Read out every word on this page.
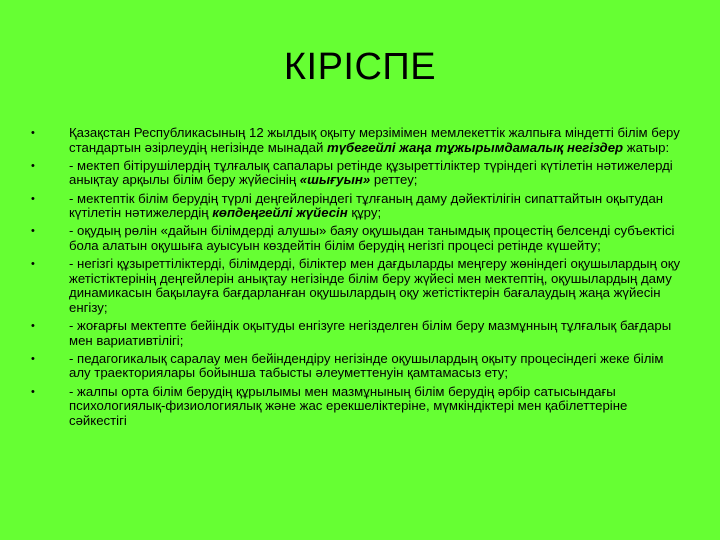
КІРІСПЕ
•	Қазақстан Республикасының 12 жылдық оқыту мерзімімен мемлекеттік жалпыға міндетті білім беру стандартын әзірлеудің негізінде мынадай түбегейлі жаңа тұжырымдамалық негіздер жатыр:
•	- мектеп бітірушілердің тұлғалық сапалары ретінде құзыреттіліктер түріндегі күтілетін нәтижелерді анықтау арқылы білім беру жүйесінің «шығуын» реттеу;
•	- мектептік білім берудің түрлі деңгейлеріндегі тұлғаның даму дәйектілігін сипаттайтын оқытудан күтілетін нәтижелердің көпдеңгейлі жүйесін құру;
•	- оқудың рөлін «дайын білімдерді алушы» баяу оқушыдан танымдық процестің белсенді субъектісі бола алатын оқушыға ауысуын көздейтін білім берудің негізгі процесі ретінде күшейту;
•	- негізгі құзыреттіліктерді, білімдерді, біліктер мен дағдыларды меңгеру жөніндегі оқушылардың оқу жетістіктерінің деңгейлерін анықтау негізінде білім беру жүйесі мен мектептің, оқушылардың даму динамикасын бақылауға бағдарланған оқушылардың оқу жетістіктерін бағалаудың жаңа жүйесін енгізу;
•	- жоғарғы мектепте бейіндік оқытуды енгізуге негізделген білім беру мазмұнның тұлғалық бағдары мен вариативтілігі;
•	- педагогикалық саралау мен бейіндендіру негізінде оқушылардың оқыту процесіндегі жеке білім алу траекториялары бойынша табысты әлеуметтенуін қамтамасыз ету;
•	- жалпы орта білім берудің құрылымы мен мазмұнының білім берудің әрбір сатысындағы психологиялық-физиологиялық және жас ерекшеліктеріне, мүмкіндіктері мен қабілеттеріне сәйкестігі
